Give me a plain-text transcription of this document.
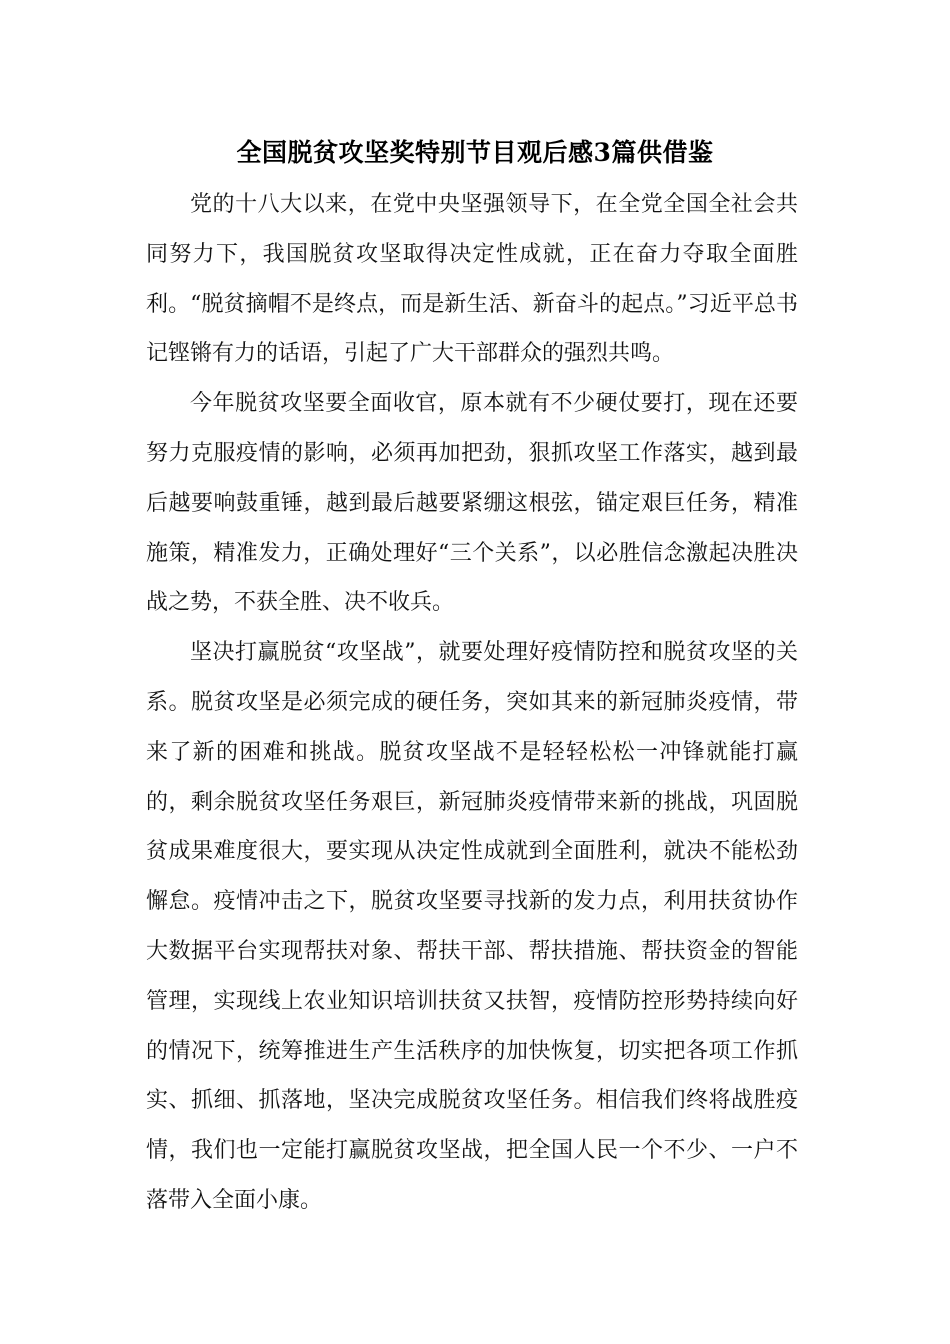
全国脱贫攻坚奖特别节目观后感3篇供借鉴

党的十八大以来，在党中央坚强领导下，在全党全国全社会共同努力下，我国脱贫攻坚取得决定性成就，正在奋力夺取全面胜利。“脱贫摘帽不是终点，而是新生活、新奋斗的起点。”习近平总书记铿锵有力的话语，引起了广大干部群众的强烈共鸣。

今年脱贫攻坚要全面收官，原本就有不少硬仗要打，现在还要努力克服疫情的影响，必须再加把劲，狠抓攻坚工作落实，越到最后越要响鼓重锤，越到最后越要紧绷这根弦，锚定艰巨任务，精准施策，精准发力，正确处理好“三个关系”，以必胜信念激起决胜决战之势，不获全胜、决不收兵。

坚决打赢脱贫“攻坚战”，就要处理好疫情防控和脱贫攻坚的关系。脱贫攻坚是必须完成的硬任务，突如其来的新冠肺炎疫情，带来了新的困难和挑战。脱贫攻坚战不是轻轻松松一冲锋就能打赢的，剩余脱贫攻坚任务艰巨，新冠肺炎疫情带来新的挑战，巩固脱贫成果难度很大，要实现从决定性成就到全面胜利，就决不能松劲懈怠。疫情冲击之下，脱贫攻坚要寻找新的发力点，利用扶贫协作大数据平台实现帮扶对象、帮扶干部、帮扶措施、帮扶资金的智能管理，实现线上农业知识培训扶贫又扶智，疫情防控形势持续向好的情况下，统筹推进生产生活秩序的加快恢复，切实把各项工作抓实、抓细、抓落地，坚决完成脱贫攻坚任务。相信我们终将战胜疫情，我们也一定能打赢脱贫攻坚战，把全国人民一个不少、一户不落带入全面小康。
